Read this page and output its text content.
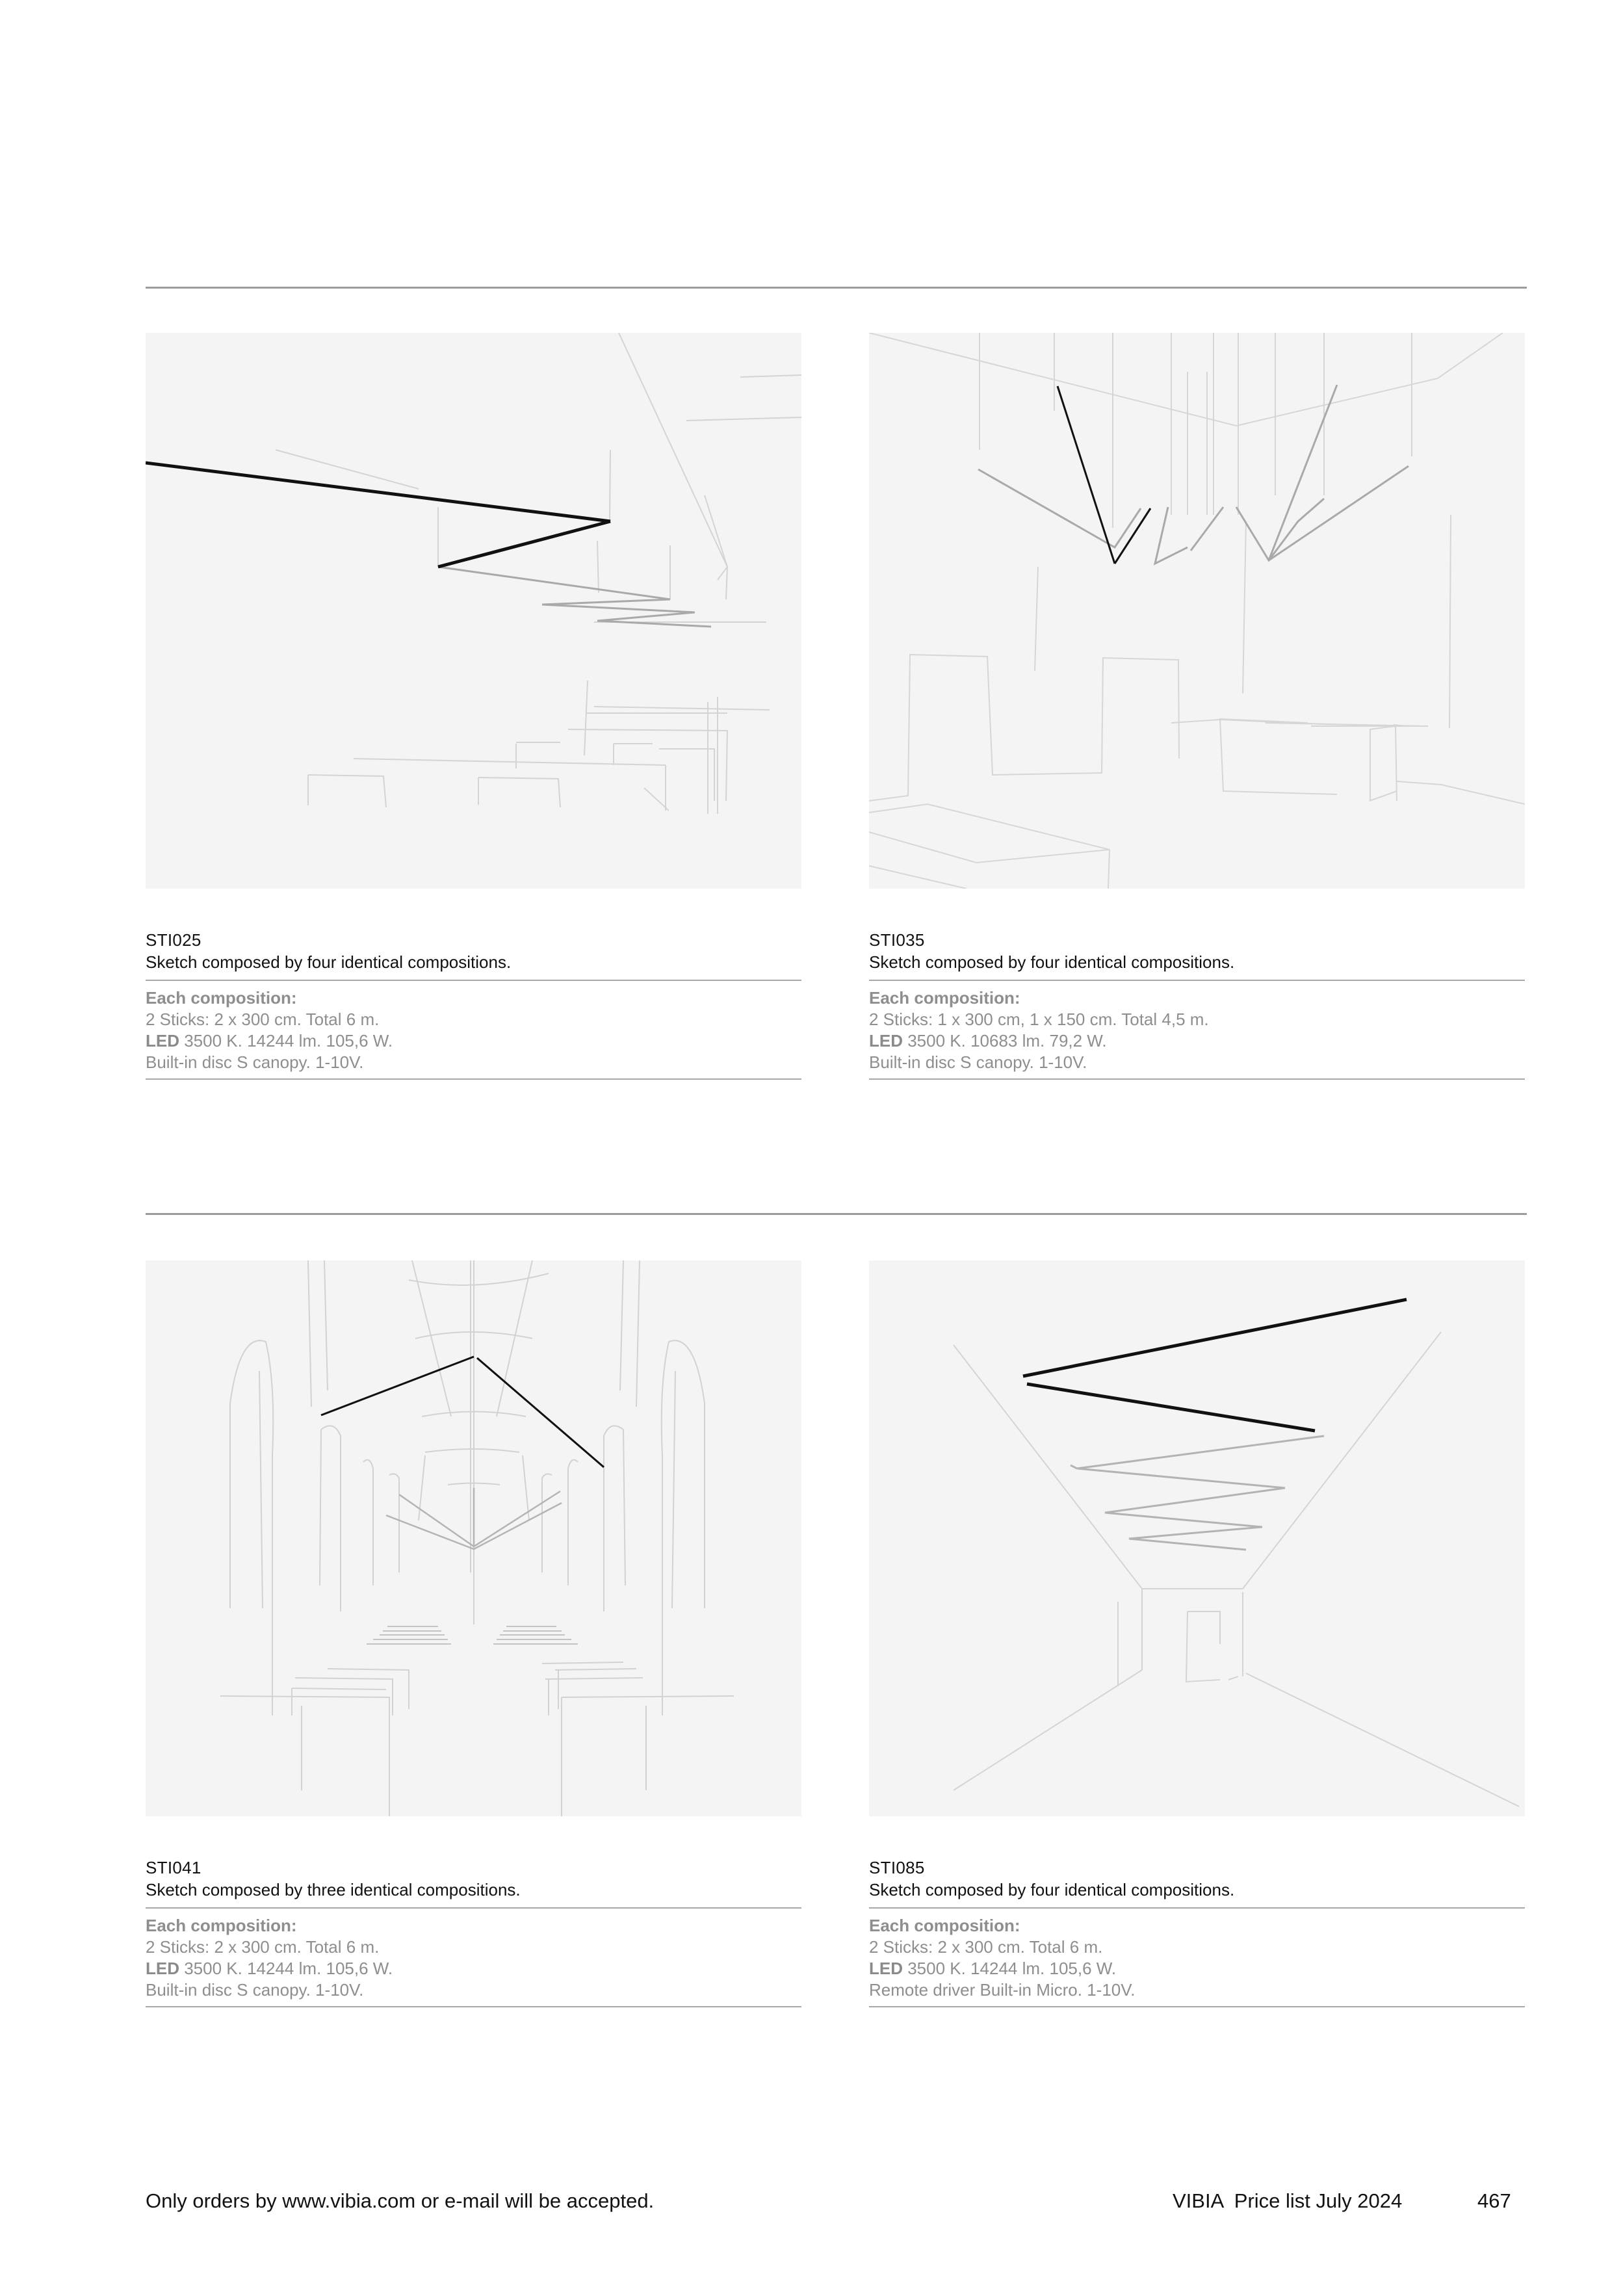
STI025
Sketch composed by four identical compositions.
Each composition:
2 Sticks: 2 x 300 cm. Total 6 m.
LED 3500 K. 14244 lm. 105,6 W.
Built-in disc S canopy. 1-10V.
STI035
Sketch composed by four identical compositions.
Each composition:
2 Sticks: 1 x 300 cm, 1 x 150 cm. Total 4,5 m.
LED 3500 K. 10683 lm. 79,2 W.
Built-in disc S canopy. 1-10V.
STI041
Sketch composed by three identical compositions.
Each composition:
2 Sticks: 2 x 300 cm. Total 6 m.
LED 3500 K. 14244 lm. 105,6 W.
Built-in disc S canopy. 1-10V.
STI085
Sketch composed by four identical compositions.
Each composition:
2 Sticks: 2 x 300 cm. Total 6 m.
LED 3500 K. 14244 lm. 105,6 W.
Remote driver Built-in Micro. 1-10V.
Only orders by www.vibia.com or e-mail will be accepted.	VIBIA  Price list July 2024	467
